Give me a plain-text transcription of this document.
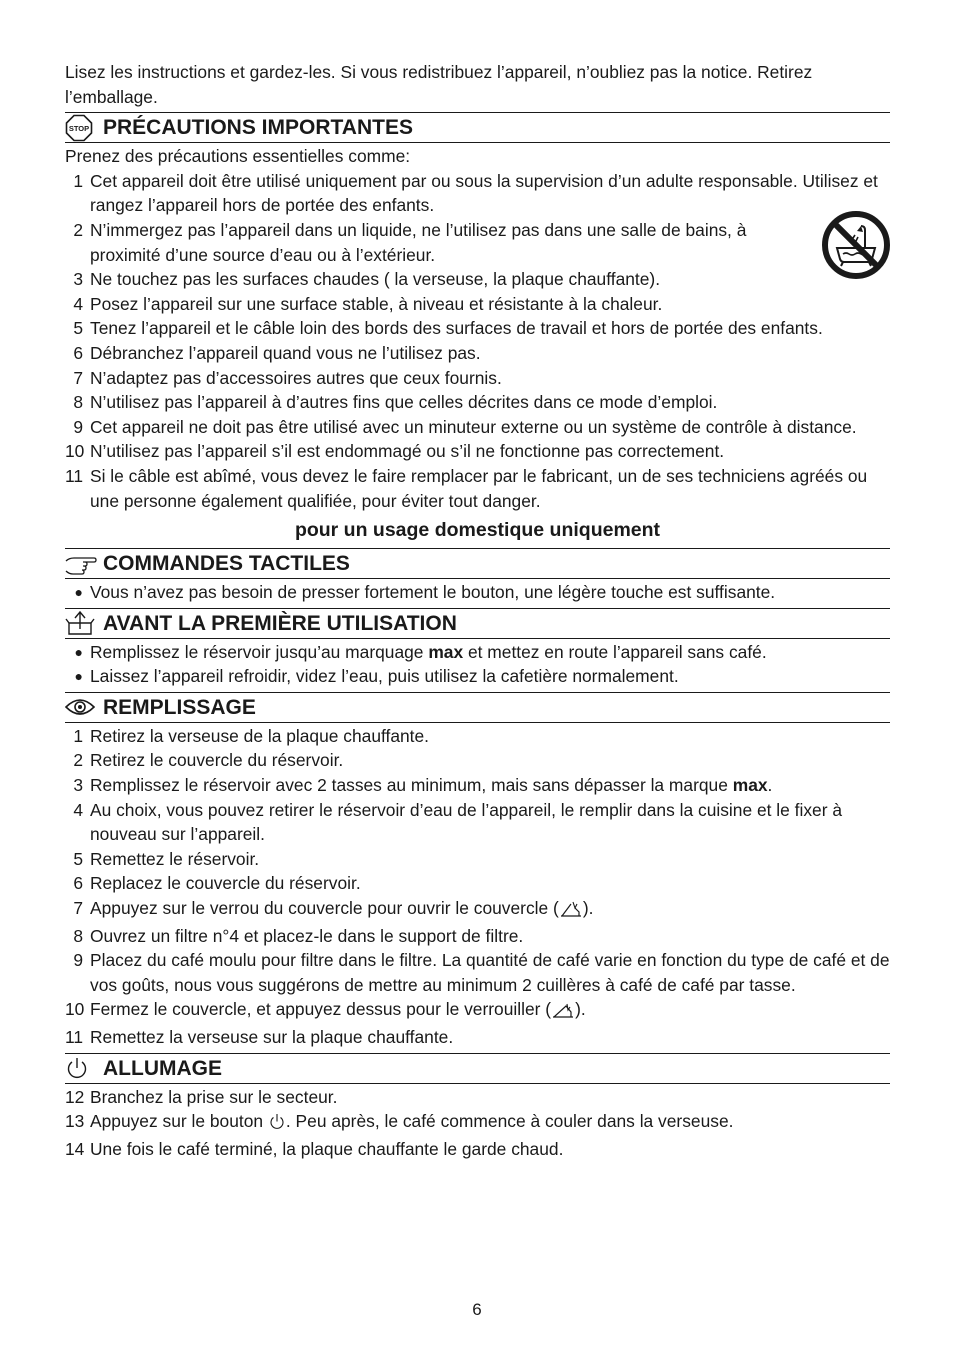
Lisez les instructions et gardez-les. Si vous redistribuez l’appareil, n’oubliez pas la notice. Retirez l’emballage.

STOP PRÉCAUTIONS IMPORTANTES

Prenez des précautions essentielles comme:

1 Cet appareil doit être utilisé uniquement par ou sous la supervision d’un adulte responsable. Utilisez et rangez l’appareil hors de portée des enfants.
2 N’immergez pas l’appareil dans un liquide, ne l’utilisez pas dans une salle de bains, à proximité d’une source d’eau ou à l’extérieur.
3 Ne touchez pas les surfaces chaudes ( la verseuse, la plaque chauffante).
4 Posez l’appareil sur une surface stable, à niveau et résistante à la chaleur.
5 Tenez l’appareil et le câble loin des bords des surfaces de travail et hors de portée des enfants.
6 Débranchez l’appareil quand vous ne l’utilisez pas.
7 N’adaptez pas d’accessoires autres que ceux fournis.
8 N’utilisez pas l’appareil à d’autres fins que celles décrites dans ce mode d’emploi.
9 Cet appareil ne doit pas être utilisé avec un minuteur externe ou un système de contrôle à distance.
10 N’utilisez pas l’appareil s’il est endommagé ou s’il ne fonctionne pas correctement.
11 Si le câble est abîmé, vous devez le faire remplacer par le fabricant, un de ses techniciens agréés ou une personne également qualifiée, pour éviter tout danger.

pour un usage domestique uniquement

COMMANDES TACTILES
● Vous n’avez pas besoin de presser fortement le bouton, une légère touche est suffisante.
AVANT LA PREMIÈRE UTILISATION
● Remplissez le réservoir jusqu’au marquage max et mettez en route l’appareil sans café.
● Laissez l’appareil refroidir, videz l’eau, puis utilisez la cafetière normalement.
REMPLISSAGE
1 Retirez la verseuse de la plaque chauffante.
2 Retirez le couvercle du réservoir.
3 Remplissez le réservoir avec 2 tasses au minimum, mais sans dépasser la marque max.
4 Au choix, vous pouvez retirer le réservoir d’eau de l’appareil, le remplir dans la cuisine et le fixer à nouveau sur l’appareil.
5 Remettez le réservoir.
6 Replacez le couvercle du réservoir.
7 Appuyez sur le verrou du couvercle pour ouvrir le couvercle ( ).
8 Ouvrez un filtre n°4 et placez-le dans le support de filtre.
9 Placez du café moulu pour filtre dans le filtre. La quantité de café varie en fonction du type de café et de vos goûts, nous vous suggérons de mettre au minimum 2 cuillères à café de café par tasse.
10 Fermez le couvercle, et appuyez dessus pour le verrouiller ( ).
11 Remettez la verseuse sur la plaque chauffante.
ALLUMAGE
12 Branchez la prise sur le secteur.
13 Appuyez sur le bouton . Peu après, le café commence à couler dans la verseuse.
14 Une fois le café terminé, la plaque chauffante le garde chaud.
6
